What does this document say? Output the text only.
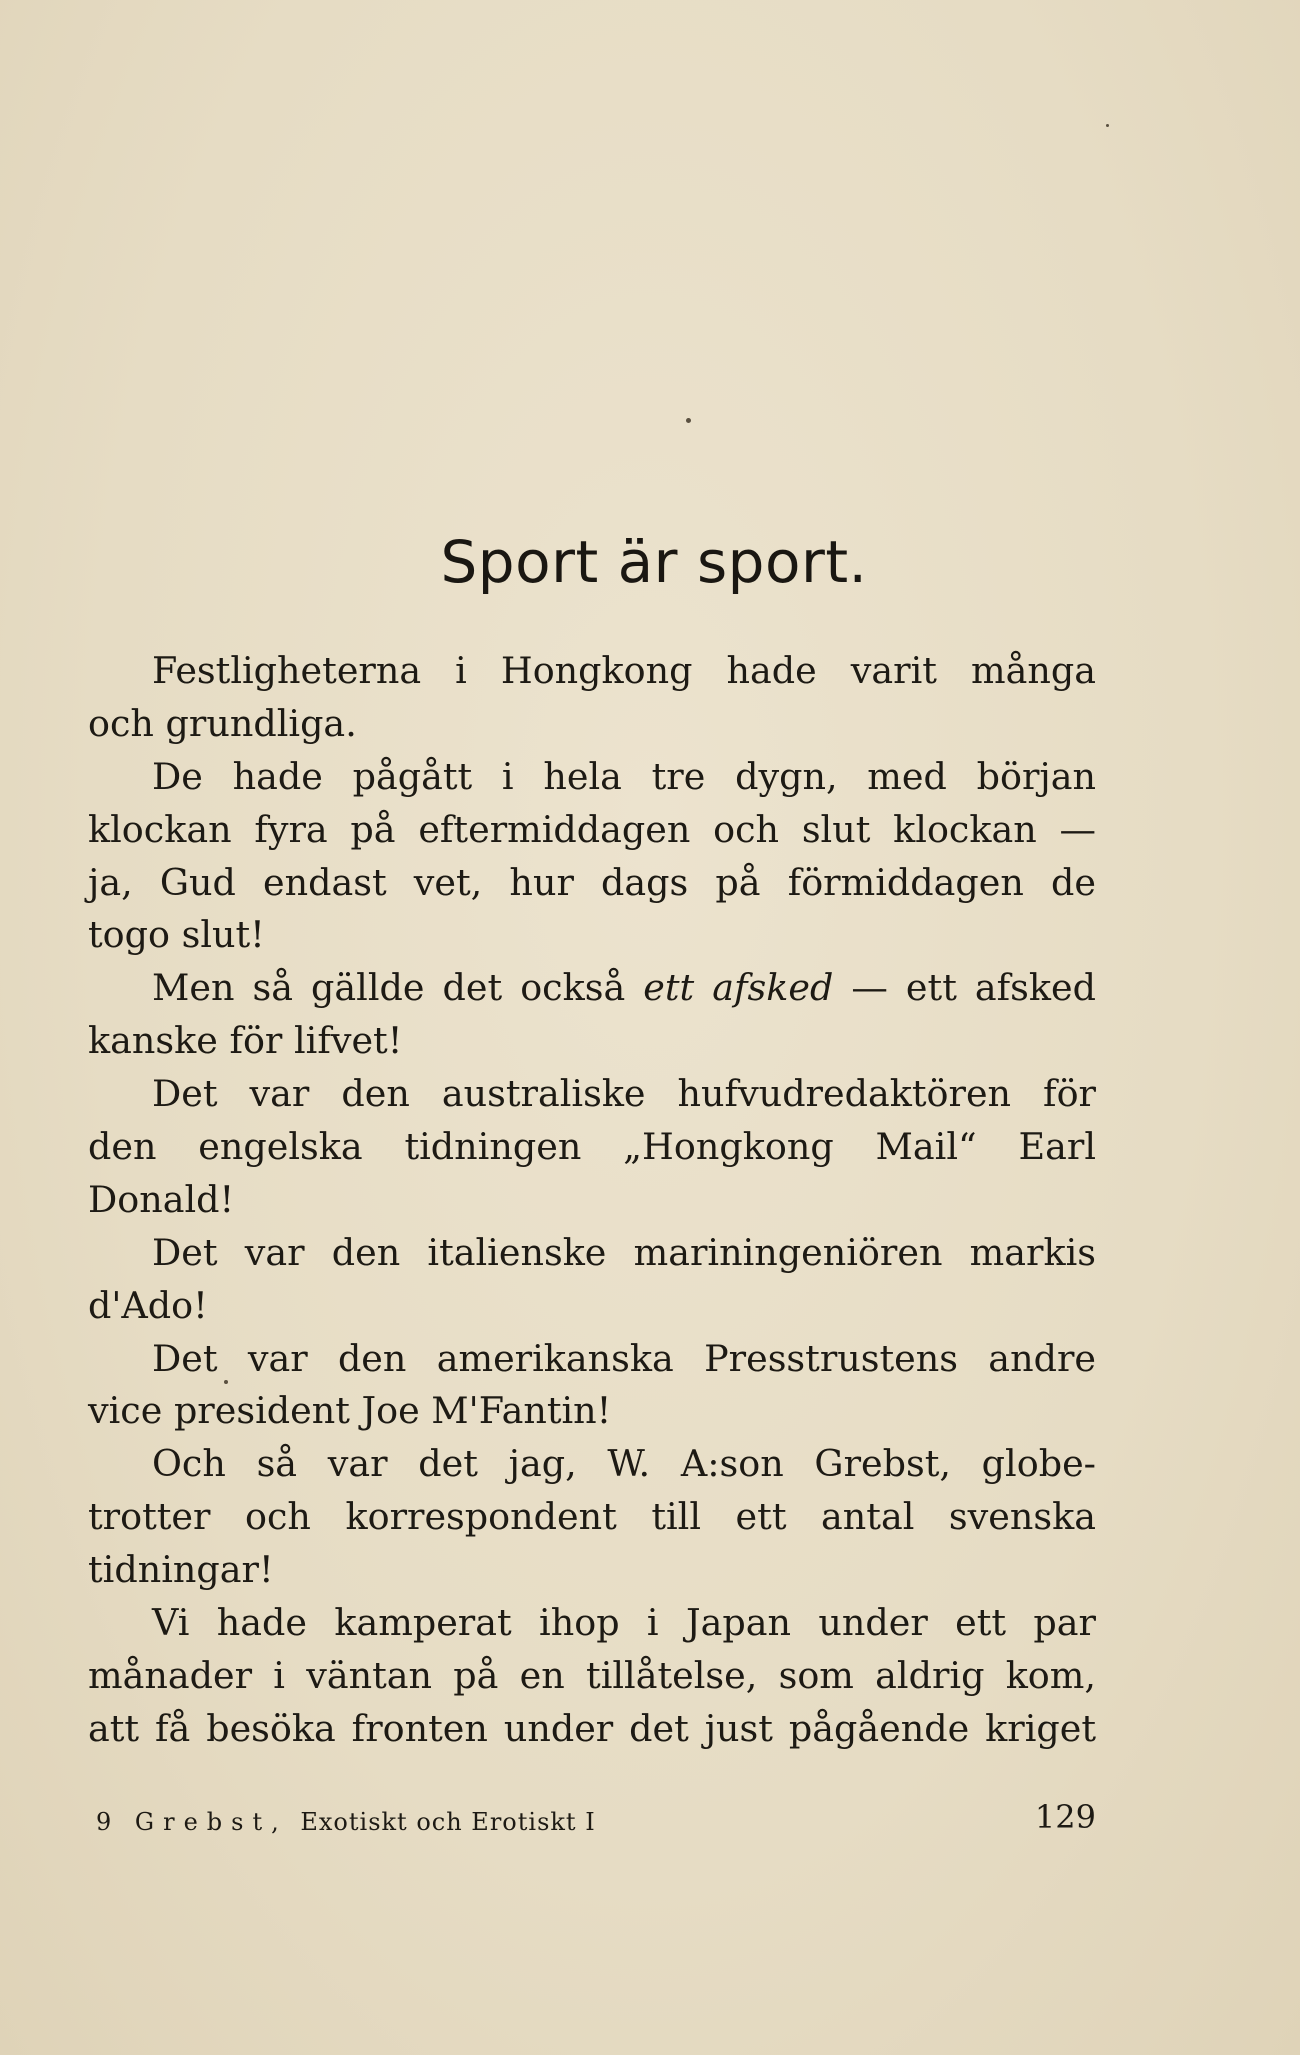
Sport är sport.
Festligheterna i Hongkong hade varit många
och grundliga.
De hade pågått i hela tre dygn, med början
klockan fyra på eftermiddagen och slut klockan —
ja, Gud endast vet, hur dags på förmiddagen de
togo slut!
Men så gällde det också ett afsked — ett afsked
kanske för lifvet!
Det var den australiske hufvudredaktören för
den engelska tidningen „Hongkong Mail“ Earl
Donald!
Det var den italienske mariningeniören markis
d'Ado!
Det var den amerikanska Presstrustens andre
vice president Joe M'Fantin!
Och så var det jag, W. A:son Grebst, globe-
trotter och korrespondent till ett antal svenska
tidningar!
Vi hade kamperat ihop i Japan under ett par
månader i väntan på en tillåtelse, som aldrig kom,
att få besöka fronten under det just pågående kriget
9 Grebst, Exotiskt och Erotiskt I	129
